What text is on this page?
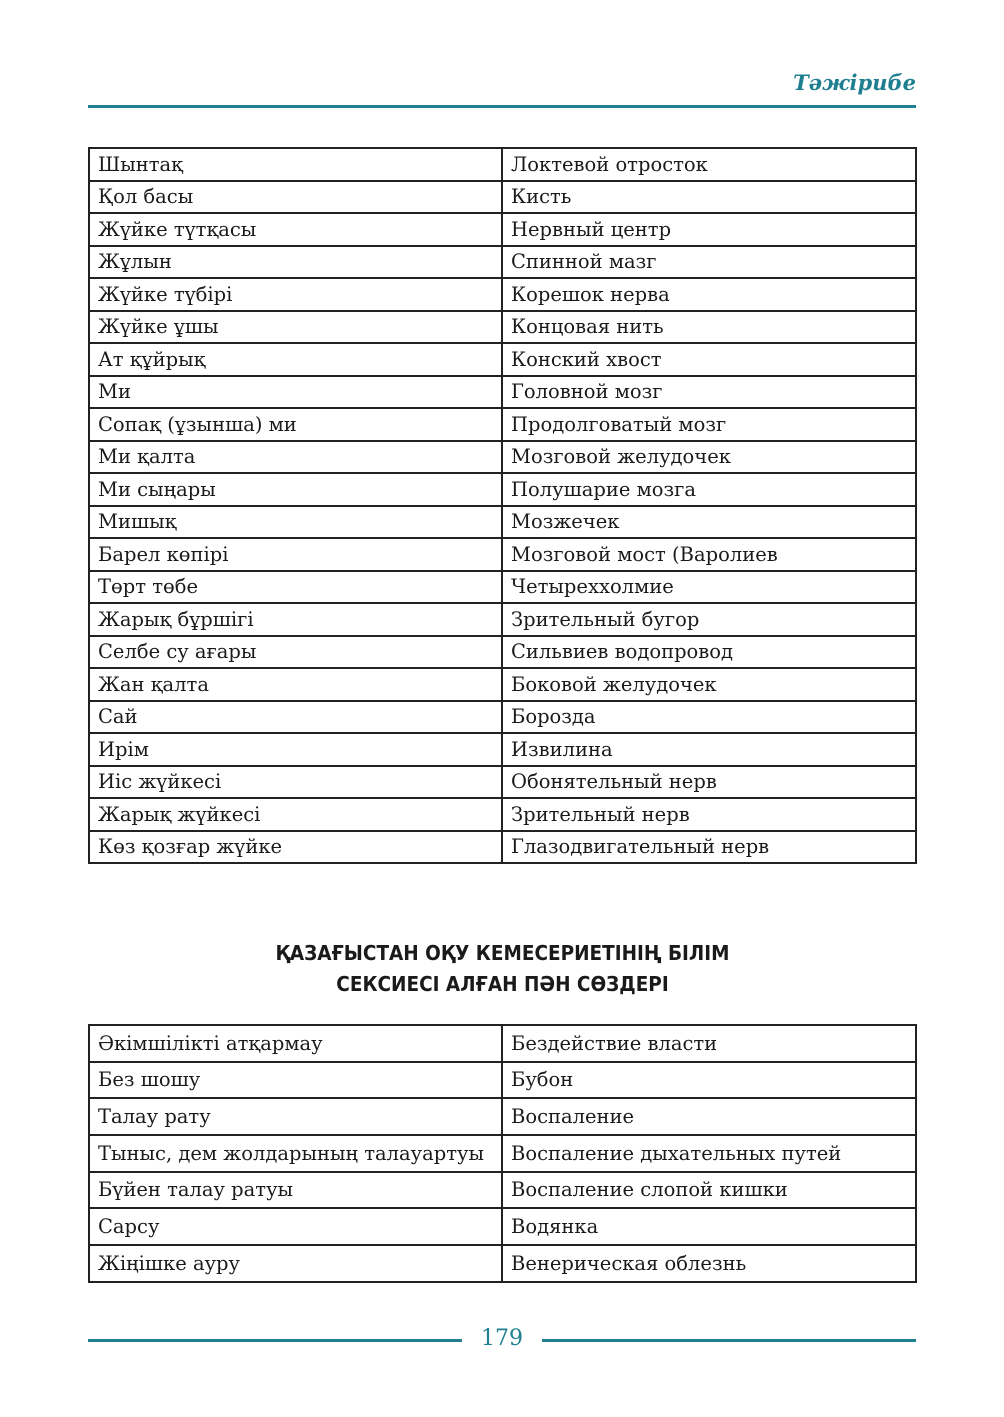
Тәжірибе
Шынтақ	Локтевой отросток
Қол басы	Кисть
Жүйке түтқасы	Нервный центр
Жұлын	Спинной мазг
Жүйке түбірі	Корешок нерва
Жүйке ұшы	Концовая нить
Ат құйрық	Конский хвост
Ми	Головной мозг
Сопақ (ұзынша) ми	Продолговатый мозг
Ми қалта	Мозговой желудочек
Ми сыңары	Полушарие мозга
Мишық	Мозжечек
Барел көпірі	Мозговой мост (Варолиев
Төрт төбе	Четыреххолмие
Жарық бұршігі	Зрительный бугор
Селбе су ағары	Сильвиев водопровод
Жан қалта	Боковой желудочек
Сай	Борозда
Ирім	Извилина
Иіс жүйкесі	Обонятельный нерв
Жарық жүйкесі	Зрительный нерв
Көз қозғар жүйке	Глазодвигательный нерв
ҚАЗАҒЫСТАН ОҚУ КЕМЕСЕРИЕТІНІҢ БІЛІМ
СЕКСИЕСІ АЛҒАН ПӘН СӨЗДЕРІ
Әкімшілікті атқармау	Бездействие власти
Без шошу	Бубон
Талау рату	Воспаление
Тыныс, дем жолдарының талауартуы	Воспаление дыхательных путей
Бүйен талау ратуы	Воспаление слопой кишки
Сарсу	Водянка
Жіңішке ауру	Венерическая облезнь
179
